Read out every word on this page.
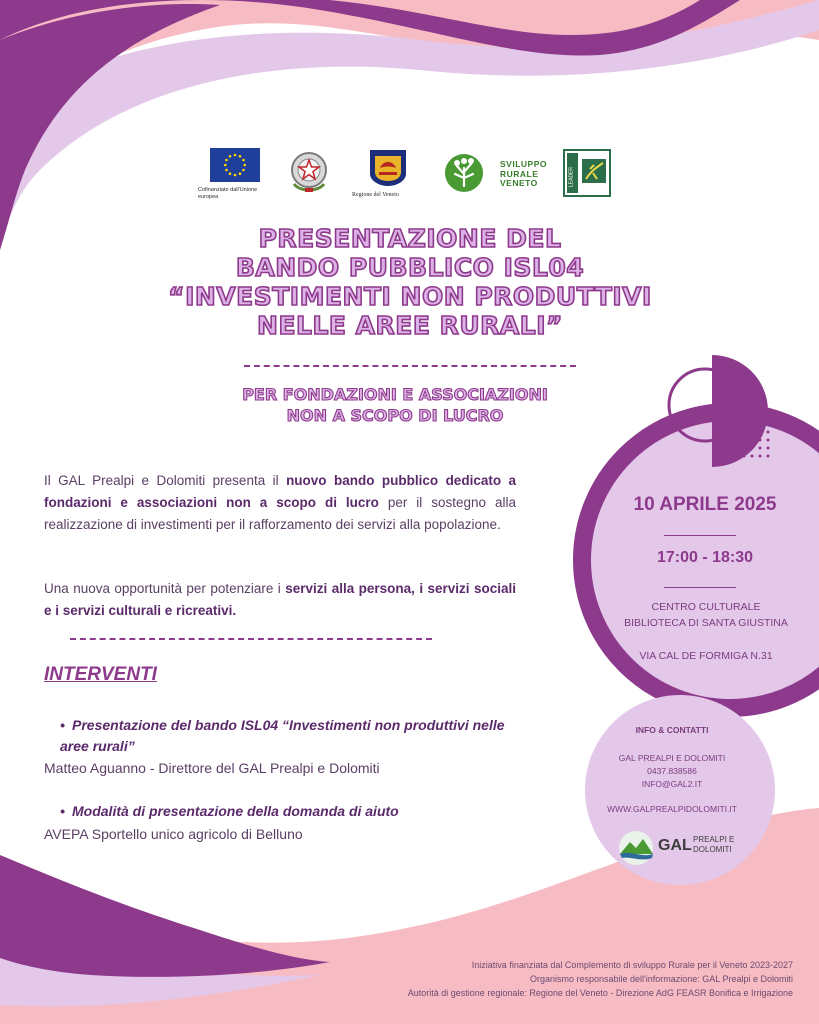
Cofinanziato dall'Unione europea	Regione del Veneto
SVILUPPO
RURALE
VENETO	LEADER
PRESENTAZIONE DEL
BANDO PUBBLICO ISL04
“INVESTIMENTI NON PRODUTTIVI
NELLE AREE RURALI”
PER FONDAZIONI E ASSOCIAZIONI
NON A SCOPO DI LUCRO

Il GAL Prealpi e Dolomiti presenta il nuovo bando pubblico dedicato a fondazioni e associazioni non a scopo di lucro per il sostegno alla realizzazione di investimenti per il rafforzamento dei servizi alla popolazione.

Una nuova opportunità per potenziare i servizi alla persona, i servizi sociali e i servizi culturali e ricreativi.

INTERVENTI

• Presentazione del bando ISL04 “Investimenti non produttivi nelle aree rurali”

Matteo Aguanno - Direttore del GAL Prealpi e Dolomiti

• Modalità di presentazione della domanda di aiuto

AVEPA Sportello unico agricolo di Belluno

10 APRILE 2025

17:00 - 18:30

CENTRO CULTURALE
BIBLIOTECA DI SANTA GIUSTINA

VIA CAL DE FORMIGA N.31

INFO & CONTATTI

GAL PREALPI E DOLOMITI
0437.838586
INFO@GAL2.IT

WWW.GALPREALPIDOLOMITI.IT

GAL PREALPI E
DOLOMITI

Iniziativa finanziata dal Complemento di sviluppo Rurale per il Veneto 2023-2027

Organismo responsabile dell'informazione: GAL Prealpi e Dolomiti

Autorità di gestione regionale: Regione del Veneto - Direzione AdG FEASR Bonifica e Irrigazione
